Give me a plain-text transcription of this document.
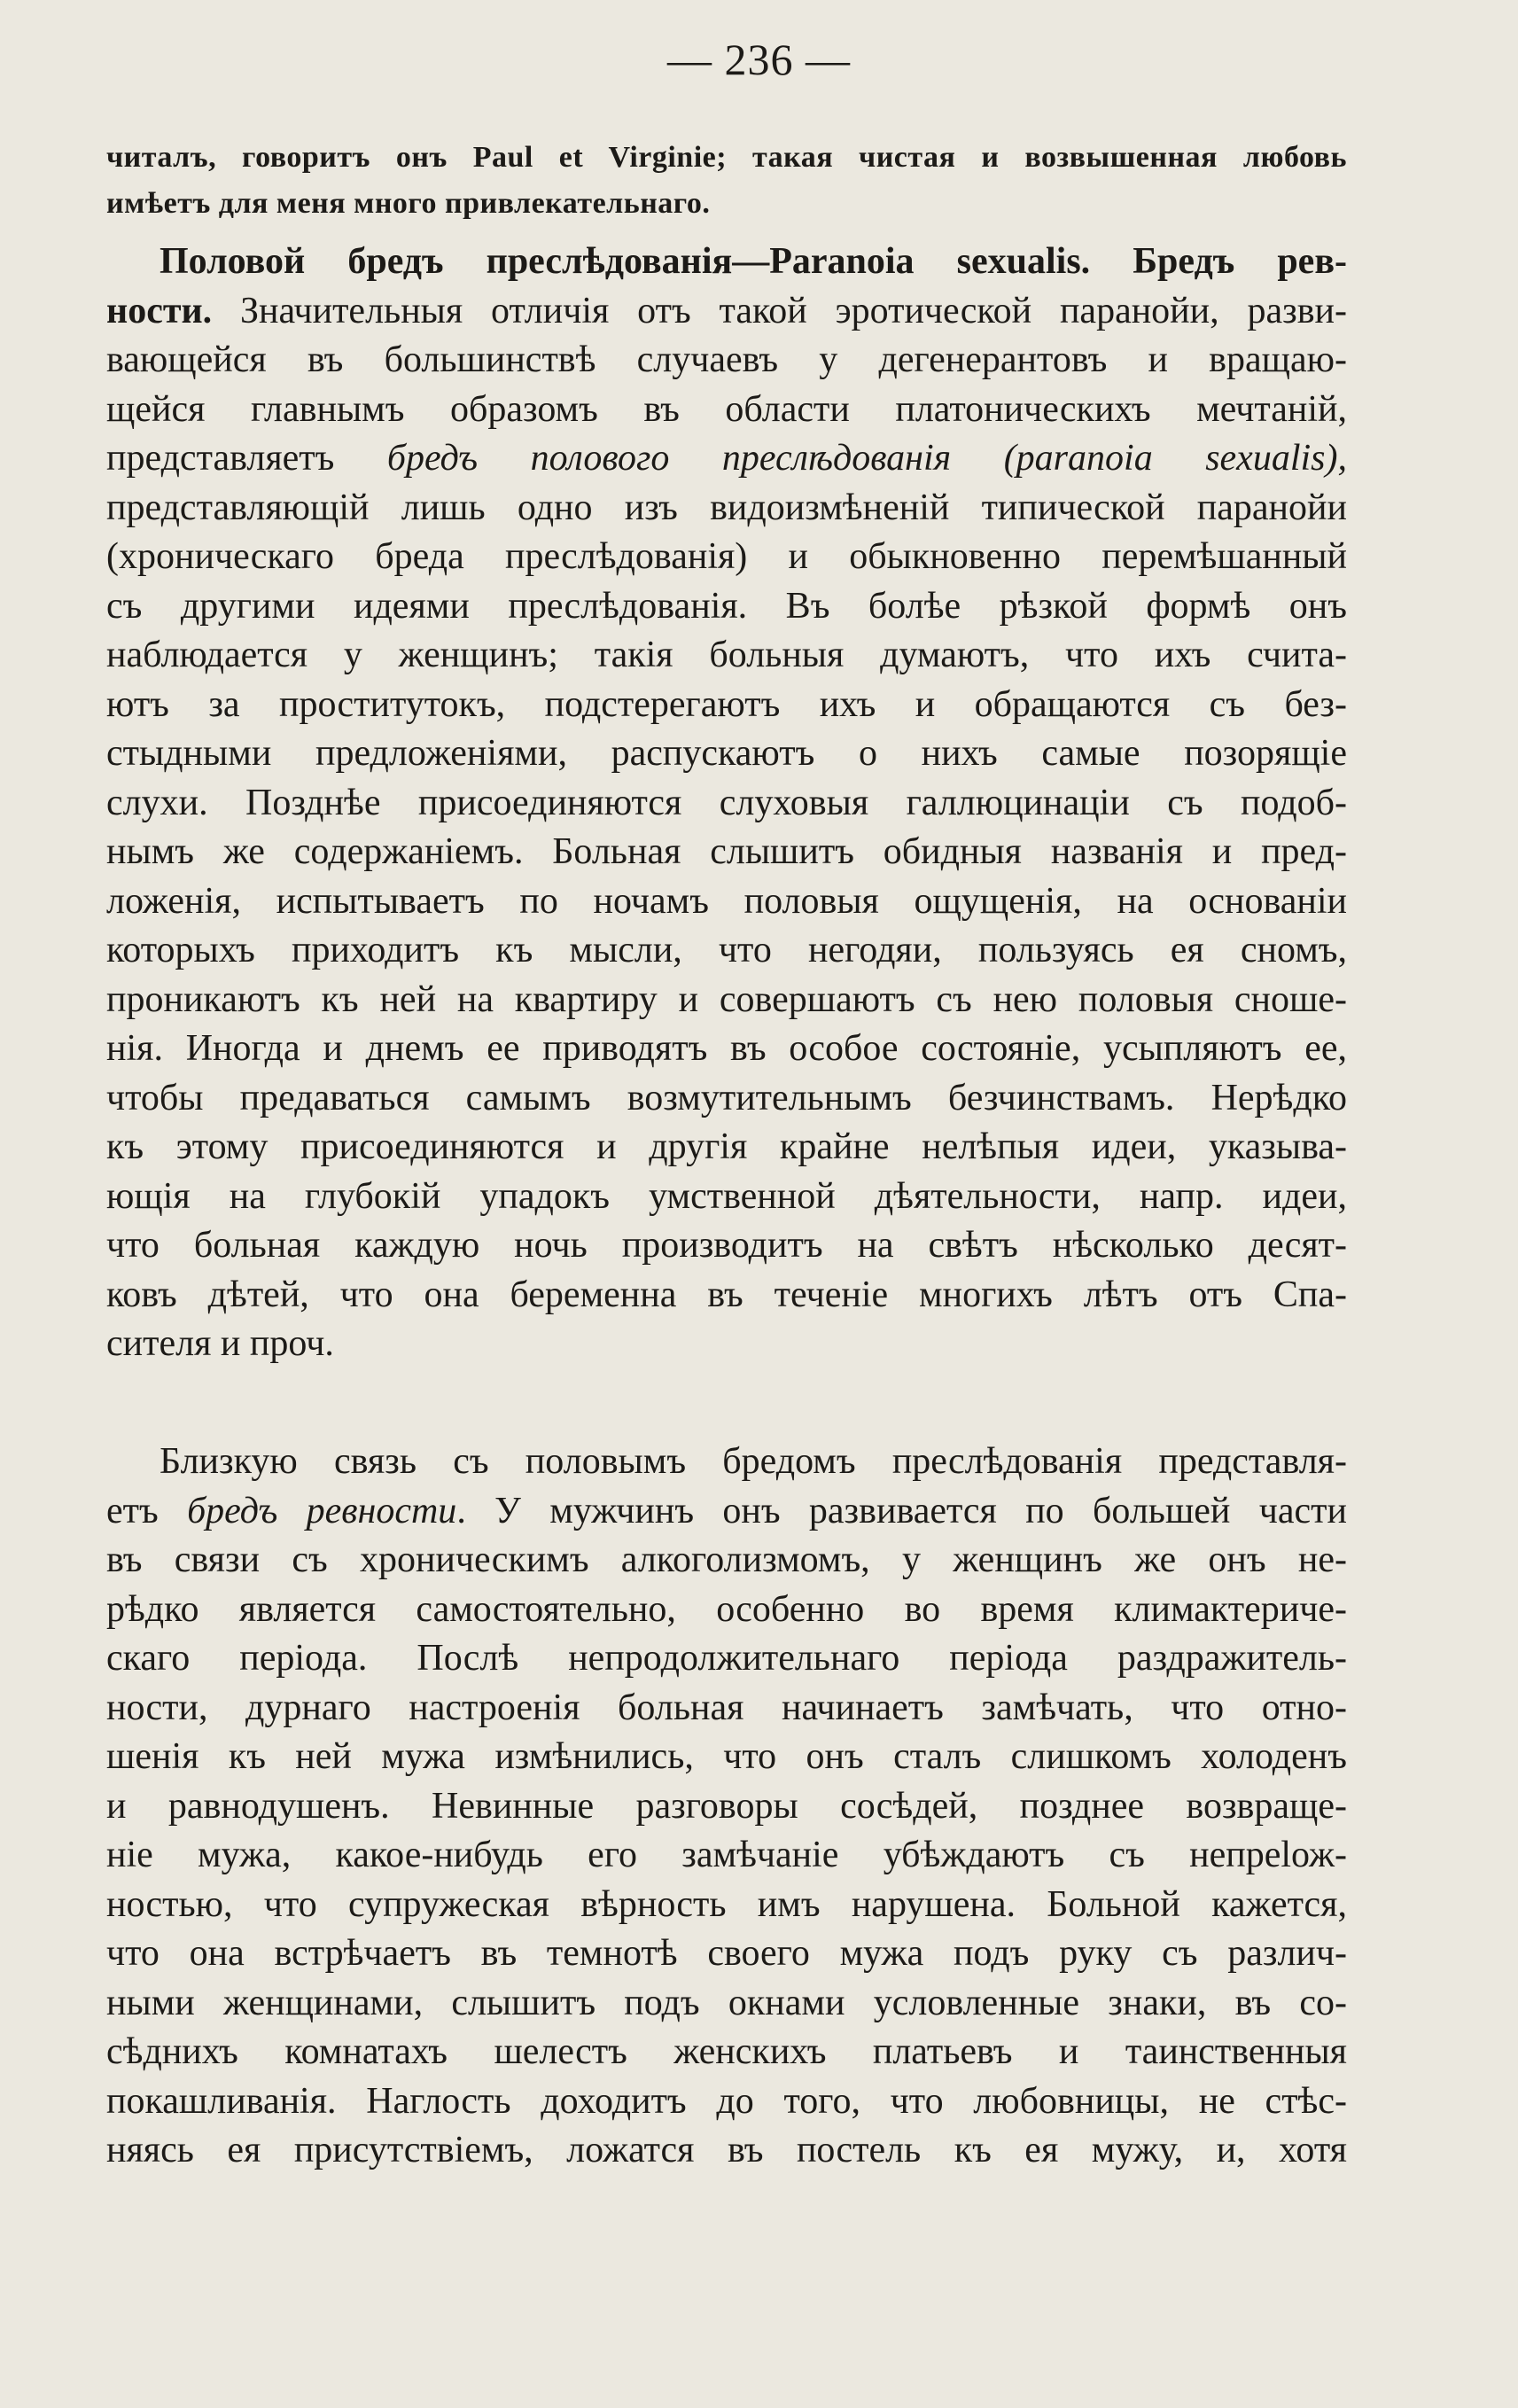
— 236 —
читалъ, говоритъ онъ Paul et Virginie; такая чистая и возвышенная любовь
имѣетъ для меня много привлекательнаго.
Половой бредъ преслѣдованія—Paranoia sexualis. Бредъ рев-
ности. Значительныя отличія отъ такой эротической паранойи, разви-
вающейся въ большинствѣ случаевъ у дегенерантовъ и вращаю-
щейся главнымъ образомъ въ области платоническихъ мечтаній,
представляетъ бредъ полового преслѣдованія (paranoia sexualis),
представляющій лишь одно изъ видоизмѣненій типической паранойи
(хроническаго бреда преслѣдованія) и обыкновенно перемѣшанный
съ другими идеями преслѣдованія. Въ болѣе рѣзкой формѣ онъ
наблюдается у женщинъ; такія больныя думаютъ, что ихъ счита-
ютъ за проститутокъ, подстерегаютъ ихъ и обращаются съ без-
стыдными предложеніями, распускаютъ о нихъ самые позорящіе
слухи. Позднѣе присоединяются слуховыя галлюцинаціи съ подоб-
нымъ же содержаніемъ. Больная слышитъ обидныя названія и пред-
ложенія, испытываетъ по ночамъ половыя ощущенія, на основаніи
которыхъ приходитъ къ мысли, что негодяи, пользуясь ея сномъ,
проникаютъ къ ней на квартиру и совершаютъ съ нею половыя сноше-
нія. Иногда и днемъ ее приводятъ въ особое состояніе, усыпляютъ ее,
чтобы предаваться самымъ возмутительнымъ безчинствамъ. Нерѣдко
къ этому присоединяются и другія крайне нелѣпыя идеи, указыва-
ющія на глубокій упадокъ умственной дѣятельности, напр. идеи,
что больная каждую ночь производитъ на свѣтъ нѣсколько десят-
ковъ дѣтей, что она беременна въ теченіе многихъ лѣтъ отъ Спа-
сителя и проч.
Близкую связь съ половымъ бредомъ преслѣдованія представля-
етъ бредъ ревности. У мужчинъ онъ развивается по большей части
въ связи съ хроническимъ алкоголизмомъ, у женщинъ же онъ не-
рѣдко является самостоятельно, особенно во время климактериче-
скаго періода. Послѣ непродолжительнаго періода раздражитель-
ности, дурнаго настроенія больная начинаетъ замѣчать, что отно-
шенія къ ней мужа измѣнились, что онъ сталъ слишкомъ холоденъ
и равнодушенъ. Невинные разговоры сосѣдей, позднее возвраще-
ніе мужа, какое-нибудь его замѣчаніе убѣждаютъ съ непреlож-
ностью, что супружеская вѣрность имъ нарушена. Больной кажется,
что она встрѣчаетъ въ темнотѣ своего мужа подъ руку съ различ-
ными женщинами, слышитъ подъ окнами условленные знаки, въ со-
сѣднихъ комнатахъ шелестъ женскихъ платьевъ и таинственныя
покашливанія. Наглость доходитъ до того, что любовницы, не стѣс-
няясь ея присутствіемъ, ложатся въ постель къ ея мужу, и, хотя
